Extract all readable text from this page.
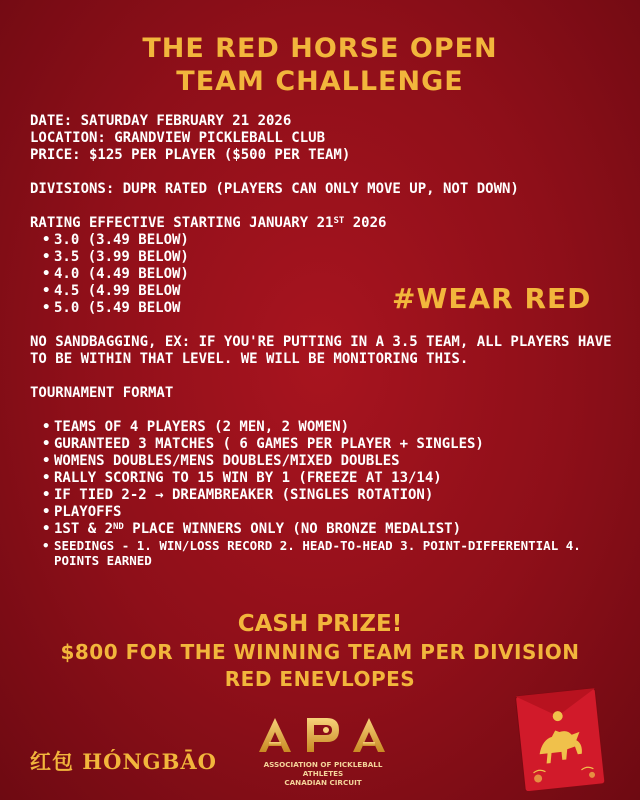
THE RED HORSE OPEN
TEAM CHALLENGE
DATE: SATURDAY FEBRUARY 21 2026
LOCATION: GRANDVIEW PICKLEBALL CLUB
PRICE: $125 PER PLAYER ($500 PER TEAM)
DIVISIONS: DUPR RATED (PLAYERS CAN ONLY MOVE UP, NOT DOWN)
RATING EFFECTIVE STARTING JANUARY 21ST 2026
• 3.0 (3.49 BELOW)
• 3.5 (3.99 BELOW)
• 4.0 (4.49 BELOW)
• 4.5 (4.99 BELOW
• 5.0 (5.49 BELOW
NO SANDBAGGING, EX: IF YOU'RE PUTTING IN A 3.5 TEAM, ALL PLAYERS HAVE TO BE WITHIN THAT LEVEL. WE WILL BE MONITORING THIS.
TOURNAMENT FORMAT
• TEAMS OF 4 PLAYERS (2 MEN, 2 WOMEN)
• GURANTEED 3 MATCHES ( 6 GAMES PER PLAYER + SINGLES)
• WOMENS DOUBLES/MENS DOUBLES/MIXED DOUBLES
• RALLY SCORING TO 15 WIN BY 1 (FREEZE AT 13/14)
• IF TIED 2-2 → DREAMBREAKER (SINGLES ROTATION)
• PLAYOFFS
• 1ST & 2ND PLACE WINNERS ONLY (NO BRONZE MEDALIST)
• SEEDINGS - 1. WIN/LOSS RECORD 2. HEAD-TO-HEAD 3. POINT-DIFFERENTIAL 4. POINTS EARNED
#WEAR RED
CASH PRIZE!
$800 FOR THE WINNING TEAM PER DIVISION
RED ENEVLOPES
红包 HÓNGBĀO	ASSOCIATION OF PICKLEBALL ATHLETES
CANADIAN CIRCUIT
